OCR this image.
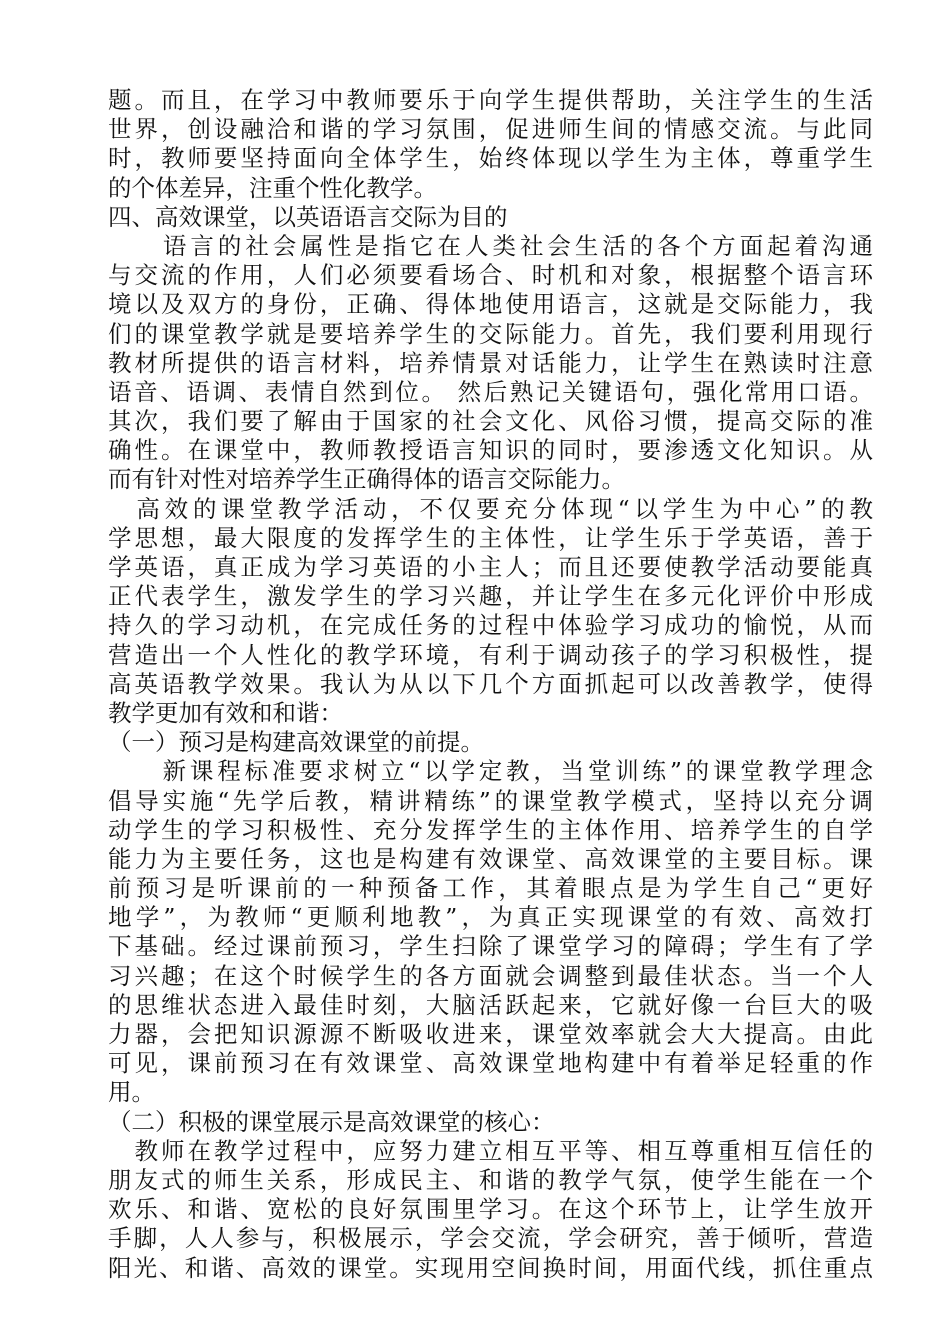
题。而且，在学习中教师要乐于向学生提供帮助，关注学生的生活
世界，创设融洽和谐的学习氛围，促进师生间的情感交流。与此同
时，教师要坚持面向全体学生，始终体现以学生为主体，尊重学生
的个体差异，注重个性化教学。
四、高效课堂，以英语语言交际为目的
　　语言的社会属性是指它在人类社会生活的各个方面起着沟通
与交流的作用，人们必须要看场合、时机和对象，根据整个语言环
境以及双方的身份，正确、得体地使用语言，这就是交际能力，我
们的课堂教学就是要培养学生的交际能力。首先，我们要利用现行
教材所提供的语言材料，培养情景对话能力，让学生在熟读时注意
语音、语调、表情自然到位。 然后熟记关键语句，强化常用口语。
其次，我们要了解由于国家的社会文化、风俗习惯，提高交际的准
确性。在课堂中，教师教授语言知识的同时，要渗透文化知识。从
而有针对性对培养学生正确得体的语言交际能力。
　高效的课堂教学活动，不仅要充分体现“以学生为中心”的教
学思想，最大限度的发挥学生的主体性，让学生乐于学英语，善于
学英语，真正成为学习英语的小主人；而且还要使教学活动要能真
正代表学生，激发学生的学习兴趣，并让学生在多元化评价中形成
持久的学习动机，在完成任务的过程中体验学习成功的愉悦，从而
营造出一个人性化的教学环境，有利于调动孩子的学习积极性，提
高英语教学效果。我认为从以下几个方面抓起可以改善教学，使得
教学更加有效和和谐：
（一）预习是构建高效课堂的前提。
　　新课程标准要求树立“以学定教，当堂训练”的课堂教学理念
倡导实施“先学后教，精讲精练”的课堂教学模式，坚持以充分调
动学生的学习积极性、充分发挥学生的主体作用、培养学生的自学
能力为主要任务，这也是构建有效课堂、高效课堂的主要目标。课
前预习是听课前的一种预备工作，其着眼点是为学生自己“更好
地学”，为教师“更顺利地教”，为真正实现课堂的有效、高效打
下基础。经过课前预习，学生扫除了课堂学习的障碍；学生有了学
习兴趣；在这个时候学生的各方面就会调整到最佳状态。当一个人
的思维状态进入最佳时刻，大脑活跃起来，它就好像一台巨大的吸
力器，会把知识源源不断吸收进来，课堂效率就会大大提高。由此
可见，课前预习在有效课堂、高效课堂地构建中有着举足轻重的作
用。
（二）积极的课堂展示是高效课堂的核心：
　教师在教学过程中，应努力建立相互平等、相互尊重相互信任的
朋友式的师生关系，形成民主、和谐的教学气氛，使学生能在一个
欢乐、和谐、宽松的良好氛围里学习。在这个环节上，让学生放开
手脚，人人参与，积极展示，学会交流，学会研究，善于倾听，营造
阳光、和谐、高效的课堂。实现用空间换时间，用面代线，抓住重点
